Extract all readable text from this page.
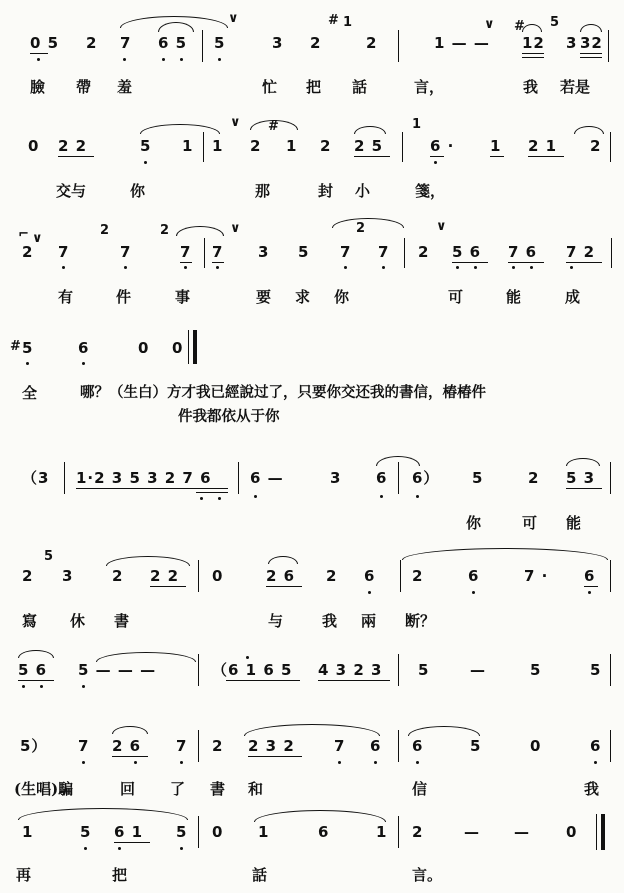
0 5 2 7 6 5 5	3 2
# 1
2	1 — —
#
12
5
3 32
∨	∨
臉 帶 羞	忙 把 話	言，	我 若是
0 2 2	5 1 1 2
#
1 2 2 5
1
6 · 1 2 1 2
∨
交与	你	那	封 小	箋，
⌐ ∨
2 7
2
7
2
7 7 3 5 7
2
7 2 5 6 7 6 7 2
∨	∨
有	件	事	要 求 你	可	能	成
# 5	6	0 0
全	哪？（生白）方才我已經說过了，只要你交还我的書信，椿椿件
件我都依从于你
（3 1·2 3 5 3 2 7 6	6 —	3 6 6） 5	2 5 3
你	可 能
2
5
3	2 2 2 0	2 6 2 6 2	6	7 · 6
寫 休 書	与	我 兩 断？
5 6 5 — — —	（6 1 6 5 4 3 2 3 5	—	5	5
5） 7 2 6 7 2 2 3 2	7 6 6	5	0	6
(生唱)騙	回 了 書 和	信	我
1	5 6 1 5 0 1	6	1 2	— — 0
再	把	話	言。
